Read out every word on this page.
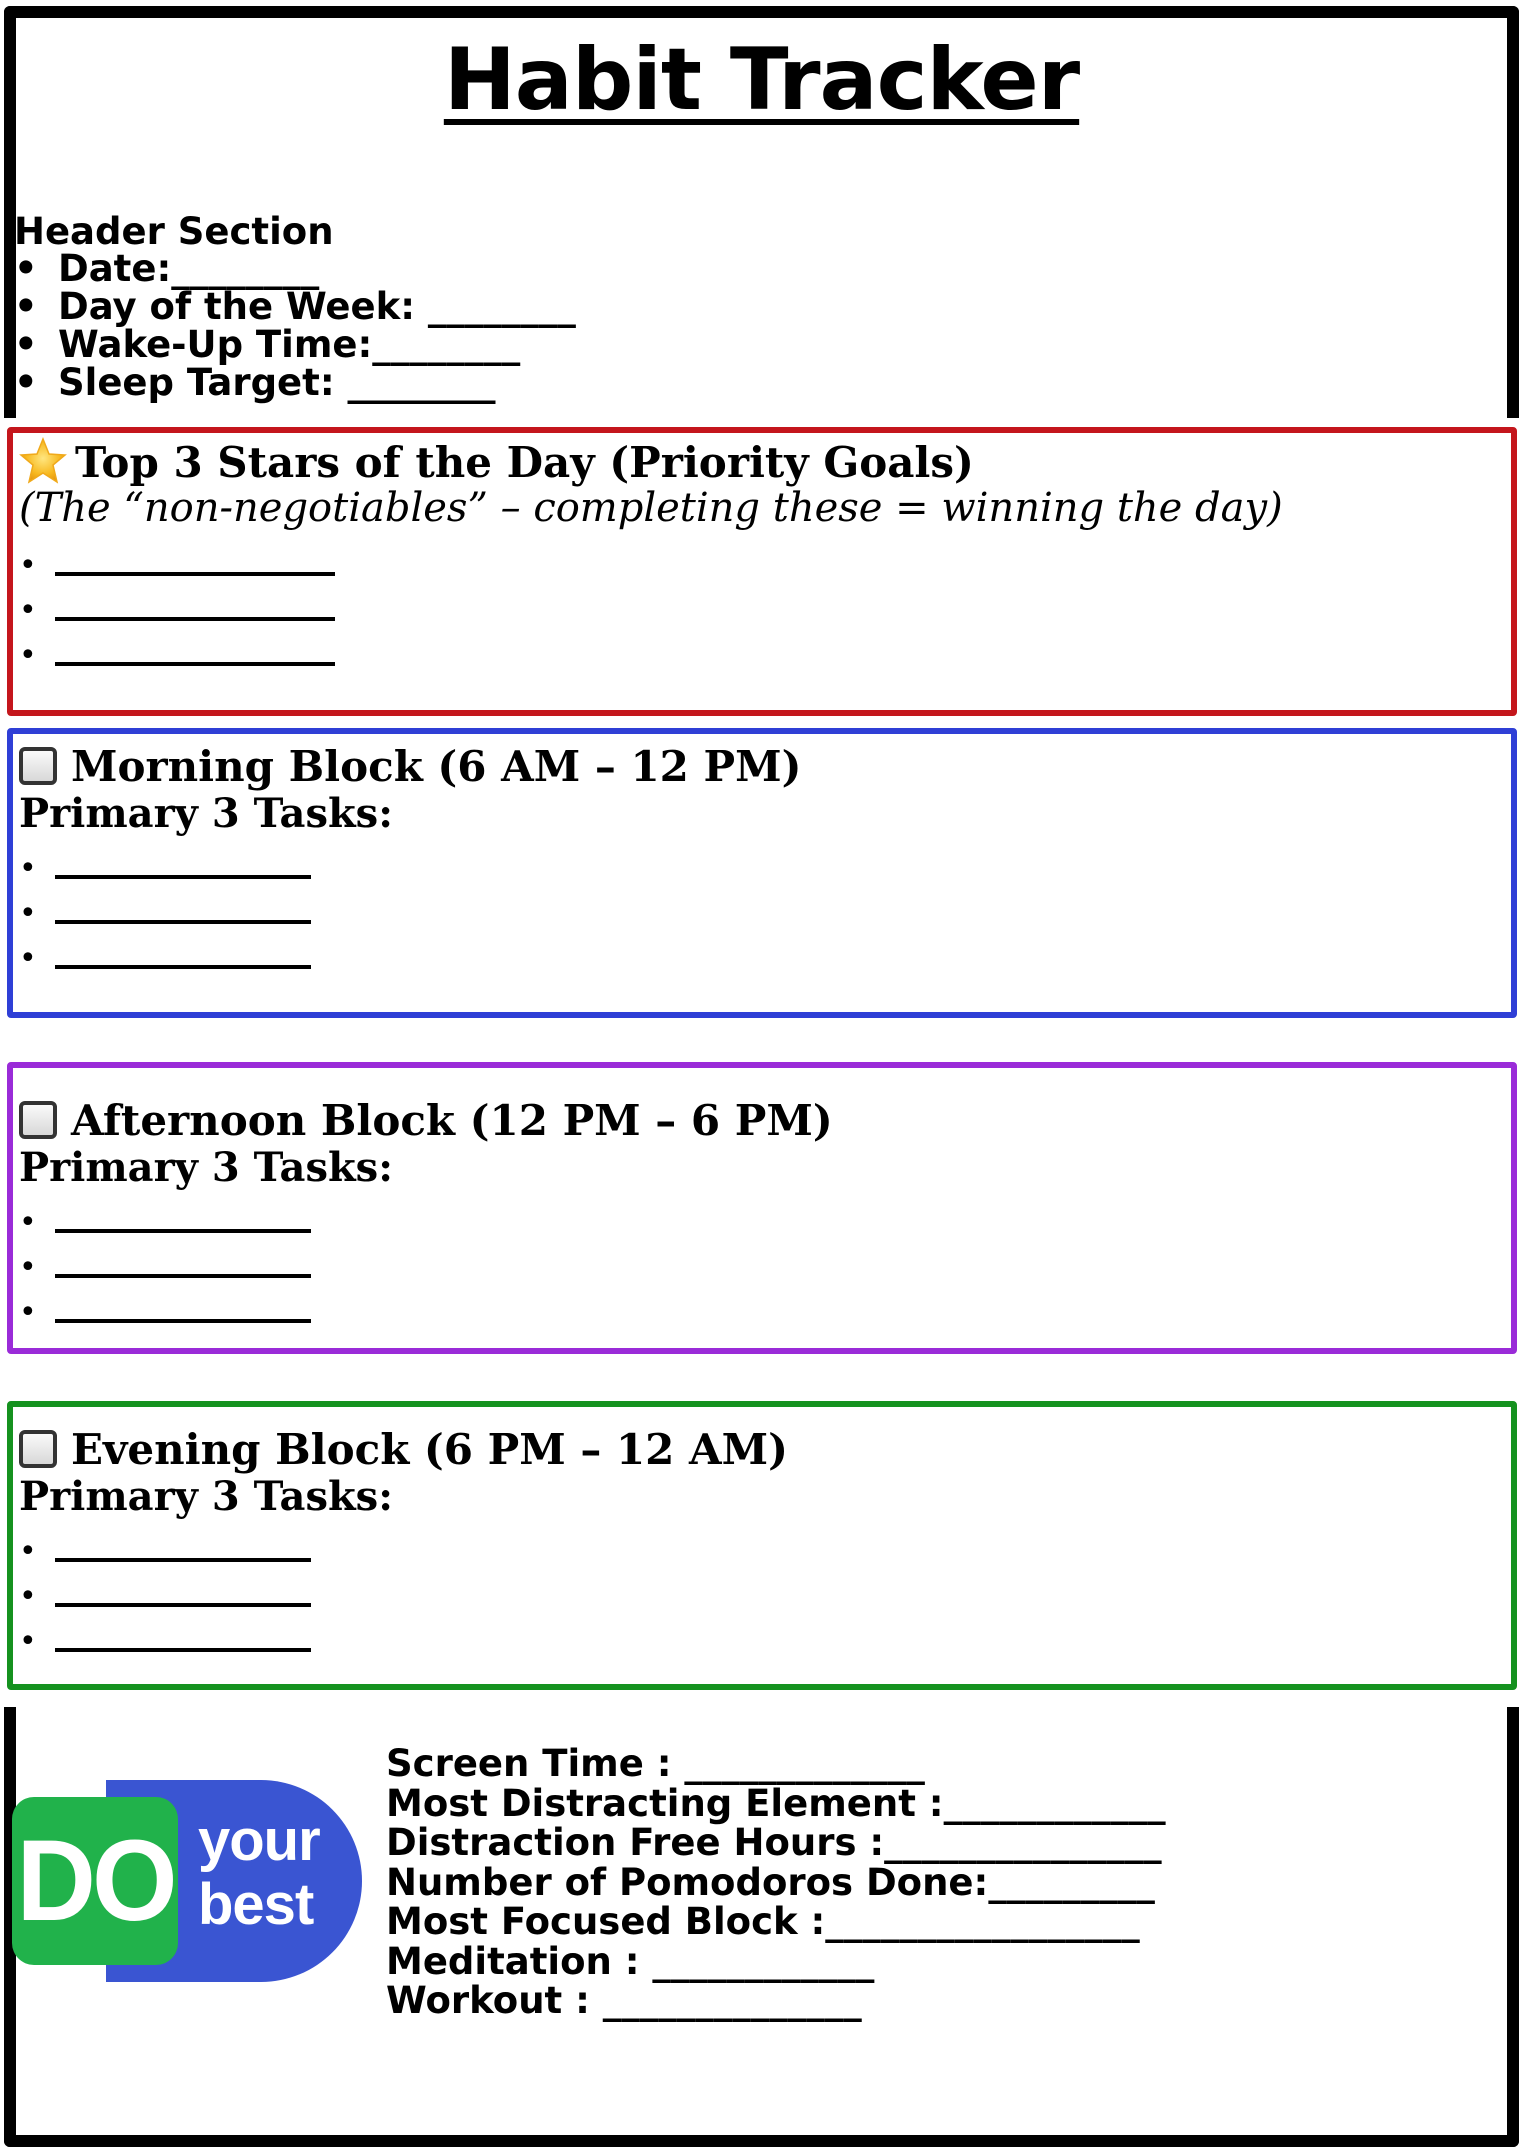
Habit Tracker
Header Section
• Date:________
• Day of the Week: ________
• Wake-Up Time:________
• Sleep Target: ________
Top 3 Stars of the Day (Priority Goals)
(The “non-negotiables” – completing these = winning the day)
•
•
•
Morning Block (6 AM – 12 PM)
Primary 3 Tasks:
•
•
•
Afternoon Block (12 PM – 6 PM)
Primary 3 Tasks:
•
•
•
Evening Block (6 PM – 12 AM)
Primary 3 Tasks:
•
•
•
DO your
best
Screen Time : _____________
Most Distracting Element :____________
Distraction Free Hours :_______________
Number of Pomodoros Done:_________
Most Focused Block :_________________
Meditation : ____________
Workout : ______________
